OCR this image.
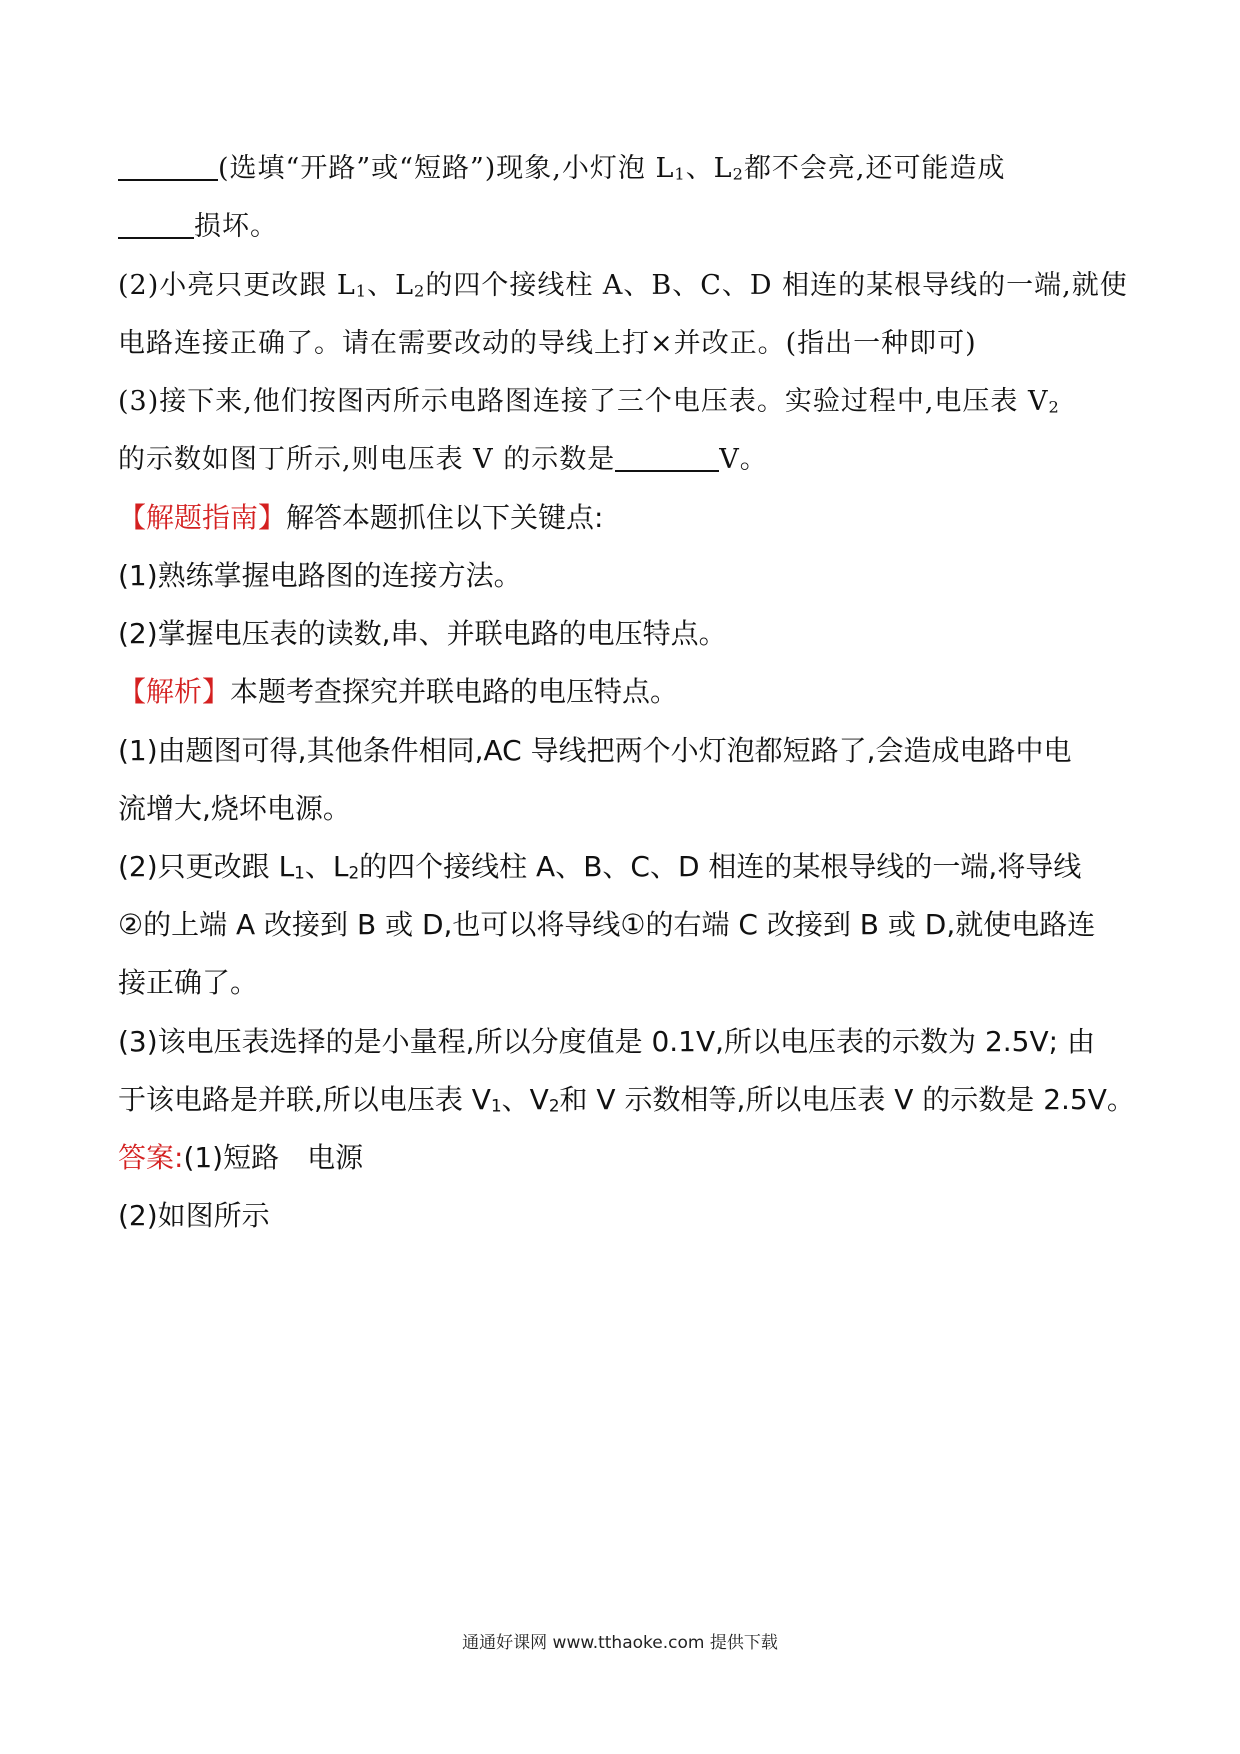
(选填“开路”或“短路”)现象,小灯泡 $L_1$、$L_2$都不会亮,还可能造成
损坏。
(2)小亮只更改跟 $L_1$、$L_2$的四个接线柱 A、B、C、D 相连的某根导线的一端,就使
电路连接正确了。请在需要改动的导线上打×并改正。(指出一种即可)
(3)接下来,他们按图丙所示电路图连接了三个电压表。实验过程中,电压表 $V_2$
的示数如图丁所示,则电压表 V 的示数是	V。
【解题指南】解答本题抓住以下关键点:
(1)熟练掌握电路图的连接方法。
(2)掌握电压表的读数,串、并联电路的电压特点。
【解析】本题考查探究并联电路的电压特点。
(1)由题图可得,其他条件相同,AC 导线把两个小灯泡都短路了,会造成电路中电
流增大,烧坏电源。
(2)只更改跟 $L_1$、$L_2$的四个接线柱 A、B、C、D 相连的某根导线的一端,将导线
②的上端 A 改接到 B 或 D,也可以将导线①的右端 C 改接到 B 或 D,就使电路连
接正确了。
(3)该电压表选择的是小量程,所以分度值是 0.1V,所以电压表的示数为 2.5V; 由
于该电路是并联,所以电压表 $V_1$、$V_2$和 V 示数相等,所以电压表 V 的示数是 2.5V。
答案:(1)短路　电源
(2)如图所示
通通好课网 www.tthaoke.com 提供下载
